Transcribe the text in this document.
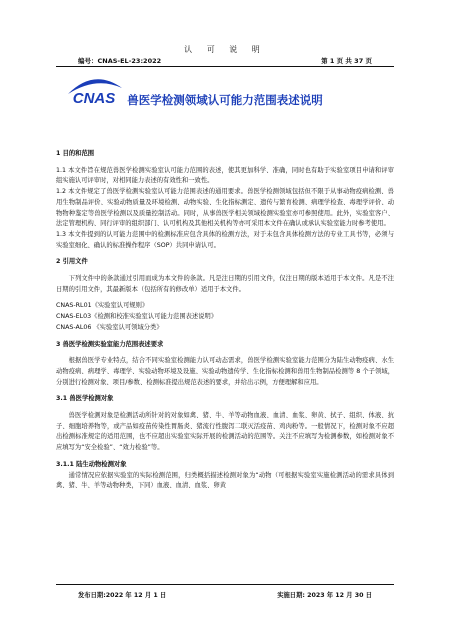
认 可 说 明
编号：CNAS-EL-23:2022	第 1 页 共 37 页
CNAS	兽医学检测领域认可能力范围表述说明

1 目的和范围

1.1 本文件旨在规范兽医学检测实验室认可能力范围的表述，使其更加科学、准确，同时也有助于实验室项目申请和评审组实施认可评审时，对相同能力表述的有效性和一致性。

1.2 本文件规定了兽医学检测实验室认可能力范围表述的通用要求。兽医学检测领域包括但不限于从事动物疫病检测、兽用生物制品评价、实验动物质量及环境检测、动物实验、生化指标测定、遗传与繁育检测、病理学检查、毒理学评价、动物物种鉴定等兽医学检测以及质量控制活动。同时，从事兽医学相关领域检测实验室亦可参照使用。此外，实验室客户、法定管理机构、同行评审的组织部门、认可机构及其他相关机构等亦可采用本文件在确认或承认实验室能力时参考使用。

1.3 本文件提到的认可能力范围中的检测标准应包含具体的检测方法，对于未包含具体检测方法的专业工具书等，必须与实验室细化、确认的标准操作程序（SOP）共同申请认可。

2 引用文件

下列文件中的条款通过引用而成为本文件的条款。凡是注日期的引用文件，仅注日期的版本适用于本文件。凡是不注日期的引用文件，其最新版本（包括所有的修改单）适用于本文件。

CNAS-RL01《实验室认可规则》

CNAS-EL03《检测和校准实验室认可能力范围表述说明》

CNAS-AL06 《实验室认可领域分类》

3 兽医学检测实验室能力范围表述要求

根据兽医学专业特点，结合不同实验室检测能力认可动态需求，兽医学检测实验室能力范围分为陆生动物疫病、水生动物疫病、病理学、毒理学、实验动物环境及设施、实验动物遗传学、生化指标检测和兽用生物制品检测等 8 个子领域，分别进行检测对象、项目/参数、检测标准提出规范表述的要求，并给出示例，方便理解和应用。

3.1 兽医学检测对象

兽医学检测对象是检测活动所针对的对象如禽、猪、牛、羊等动物血液、血清、血浆、卵黄、拭子、组织、体液、抗子、细胞培养物等，或产品如疫苗传染性胃肠炎、猪流行性腹泻二联灭活疫苗、鸡肉粉等。一般情况下，检测对象不应超出检测标准规定的适用范围，也不应超出实验室实际开展的检测活动的范围等。关注不应填写为检测参数，如检测对象不应填写为“安全检验”、“效力检验”等。

3.1.1 陆生动物检测对象

通常情况应依据实验室的实际检测范围，归类概括描述检测对象为“动物（可根据实验室实施检测活动的需求具体到禽、猪、牛、羊等动物种类，下同）血液、血清、血浆、卵黄

发布日期:2022 年 12 月 1 日	实施日期: 2023 年 12 月 30 日
